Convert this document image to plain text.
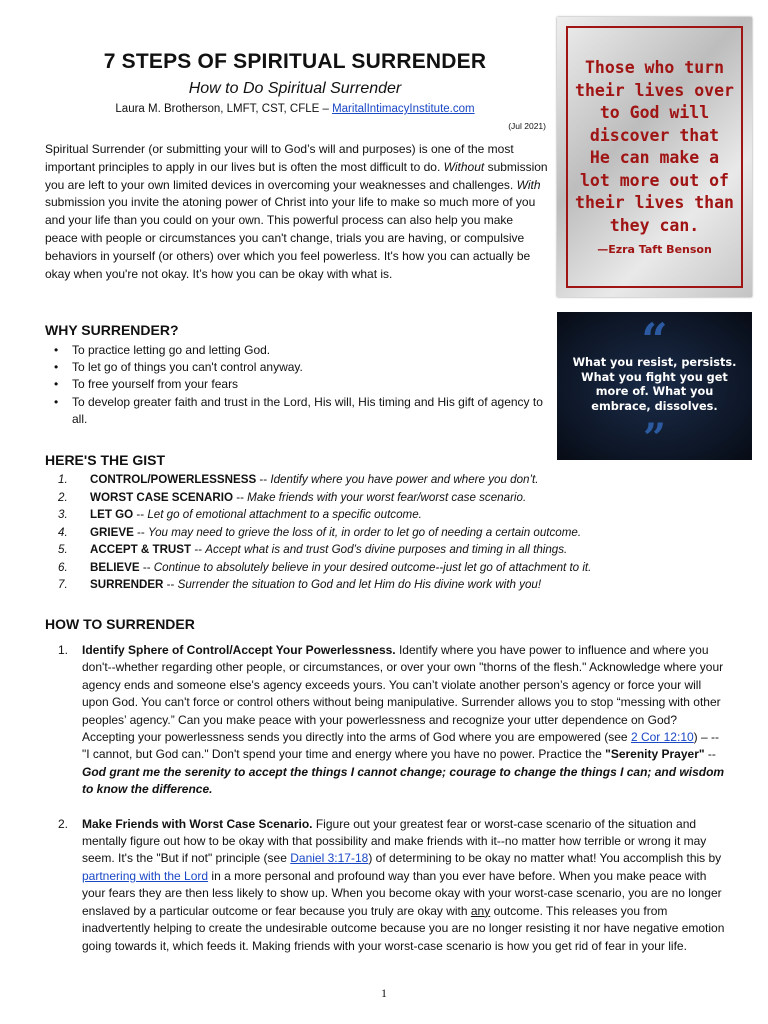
7 STEPS OF SPIRITUAL SURRENDER
How to Do Spiritual Surrender
Laura M. Brotherson, LMFT, CST, CFLE – MaritalIntimacyInstitute.com
(Jul 2021)
Spiritual Surrender (or submitting your will to God’s will and purposes) is one of the most important principles to apply in our lives but is often the most difficult to do. Without submission you are left to your own limited devices in overcoming your weaknesses and challenges. With submission you invite the atoning power of Christ into your life to make so much more of you and your life than you could on your own. This powerful process can also help you make peace with people or circumstances you can't change, trials you are having, or compulsive behaviors in yourself (or others) over which you feel powerless. It's how you can actually be okay when you're not okay. It’s how you can be okay with what is.
WHY SURRENDER?
• To practice letting go and letting God.
• To let go of things you can't control anyway.
• To free yourself from your fears
• To develop greater faith and trust in the Lord, His will, His timing and His gift of agency to all.
HERE'S THE GIST
1. CONTROL/POWERLESSNESS -- Identify where you have power and where you don’t.
2. WORST CASE SCENARIO -- Make friends with your worst fear/worst case scenario.
3. LET GO -- Let go of emotional attachment to a specific outcome.
4. GRIEVE -- You may need to grieve the loss of it, in order to let go of needing a certain outcome.
5. ACCEPT & TRUST -- Accept what is and trust God’s divine purposes and timing in all things.
6. BELIEVE -- Continue to absolutely believe in your desired outcome--just let go of attachment to it.
7. SURRENDER -- Surrender the situation to God and let Him do His divine work with you!
HOW TO SURRENDER
1. Identify Sphere of Control/Accept Your Powerlessness. Identify where you have power to influence and where you don't--whether regarding other people, or circumstances, or over your own "thorns of the flesh." Acknowledge where your agency ends and someone else's agency exceeds yours. You can’t violate another person’s agency or force your will upon God. You can't force or control others without being manipulative. Surrender allows you to stop “messing with other peoples’ agency.” Can you make peace with your powerlessness and recognize your utter dependence on God? Accepting your powerlessness sends you directly into the arms of God where you are empowered (see 2 Cor 12:10) – -- "I cannot, but God can." Don't spend your time and energy where you have no power. Practice the "Serenity Prayer" -- God grant me the serenity to accept the things I cannot change; courage to change the things I can; and wisdom to know the difference.
2. Make Friends with Worst Case Scenario. Figure out your greatest fear or worst-case scenario of the situation and mentally figure out how to be okay with that possibility and make friends with it--no matter how terrible or wrong it may seem. It's the "But if not" principle (see Daniel 3:17-18) of determining to be okay no matter what! You accomplish this by partnering with the Lord in a more personal and profound way than you ever have before. When you make peace with your fears they are then less likely to show up. When you become okay with your worst-case scenario, you are no longer enslaved by a particular outcome or fear because you truly are okay with any outcome. This releases you from inadvertently helping to create the undesirable outcome because you are no longer resisting it nor have negative emotion going towards it, which feeds it. Making friends with your worst-case scenario is how you get rid of fear in your life.
1
Those who turn
their lives over
to God will
discover that
He can make a
lot more out of
their lives than
they can.
—Ezra Taft Benson
“
What you resist, persists.
What you fight you get
more of. What you
embrace, dissolves.
”
